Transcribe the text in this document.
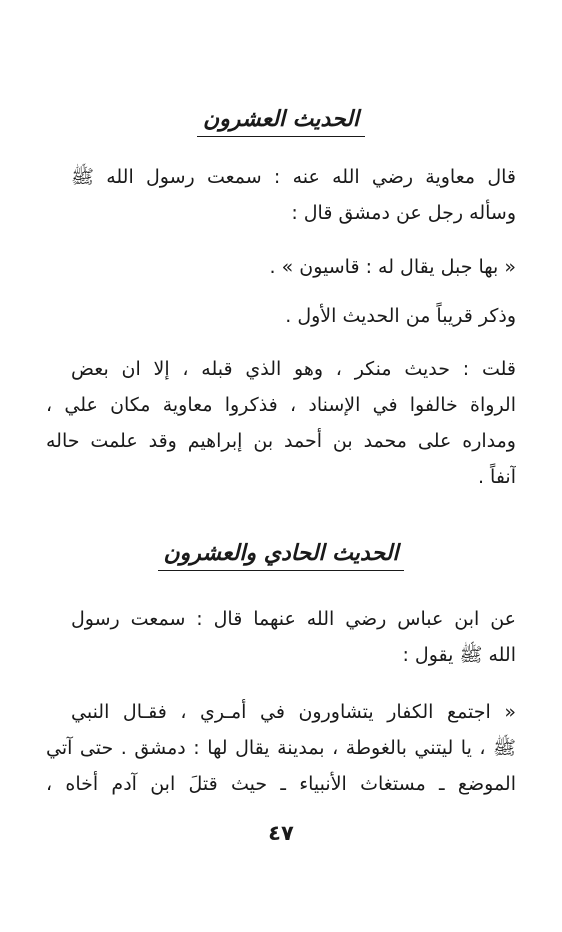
الحديث العشرون
قال معاوية رضي الله عنه : سمعت رسول الله ﷺ
وسأله رجل عن دمشق قال :
« بها جبل يقال له : قاسيون » .
وذكر قريباً من الحديث الأول .
قلت : حديث منكر ، وهو الذي قبله ، إلا ان بعض
الرواة خالفوا في الإسناد ، فذكروا معاوية مكان علي ،
ومداره على محمد بن أحمد بن إبراهيم وقد علمت حاله
آنفاً .
الحديث الحادي والعشرون
عن ابن عباس رضي الله عنهما قال : سمعت رسول
الله ﷺ يقول :
« اجتمع الكفار يتشاورون في أمـري ، فقـال النبي
ﷺ ، يا ليتني بالغوطة ، بمدينة يقال لها : دمشق . حتى آتي
الموضع ـ مستغاث الأنبياء ـ حيث قتلَ ابن آدم أخاه ،
٤٧
